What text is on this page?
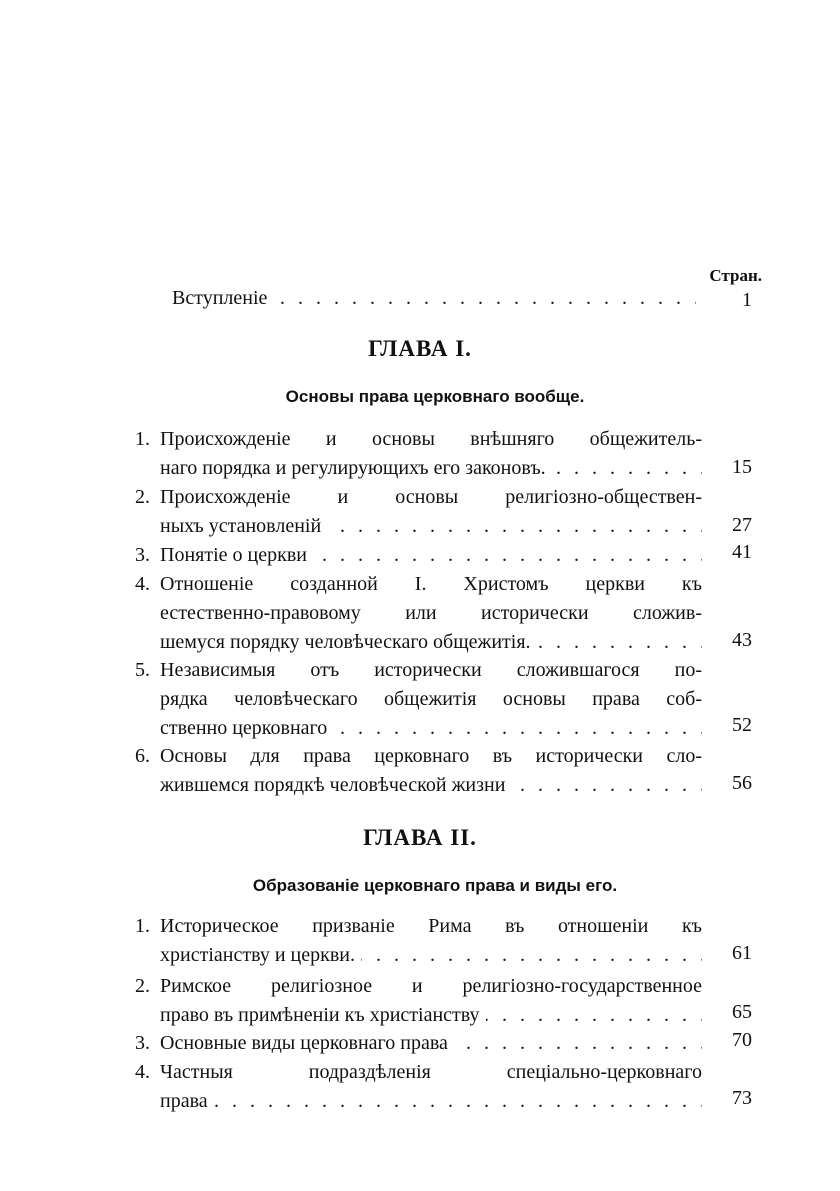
Стран.
Вступленіе . . .	1
ГЛАВА I.
Основы права церковнаго вообще.
1. Происхожденіе и основы внѣшняго общежитель-
наго порядка и регулирующихъ его законовъ. . . .	15
2. Происхожденіе и основы религіозно-обществен-
ныхъ установленій . . .	27
3. Понятіе о церкви . . .	41
4. Отношеніе созданной І. Христомъ церкви къ
естественно-правовому или исторически сложив-
шемуся порядку человѣческаго общежитія. . . .	43
5. Независимыя отъ исторически сложившагося по-
рядка человѣческаго общежитія основы права соб-
ственно церковнаго . . .	52
6. Основы для права церковнаго въ исторически сло-
жившемся порядкѣ человѣческой жизни . . .	56
ГЛАВА II.
Образованіе церковнаго права и виды его.
1. Историческое призваніе Рима въ отношеніи къ
христіанству и церкви. . . .	61
2. Римское религіозное и религіозно-государственное
право въ примѣненіи къ христіанству . . .	65
3. Основные виды церковнаго права . . .	70
4. Частныя подраздѣленія спеціально-церковнаго
права . . .	73
